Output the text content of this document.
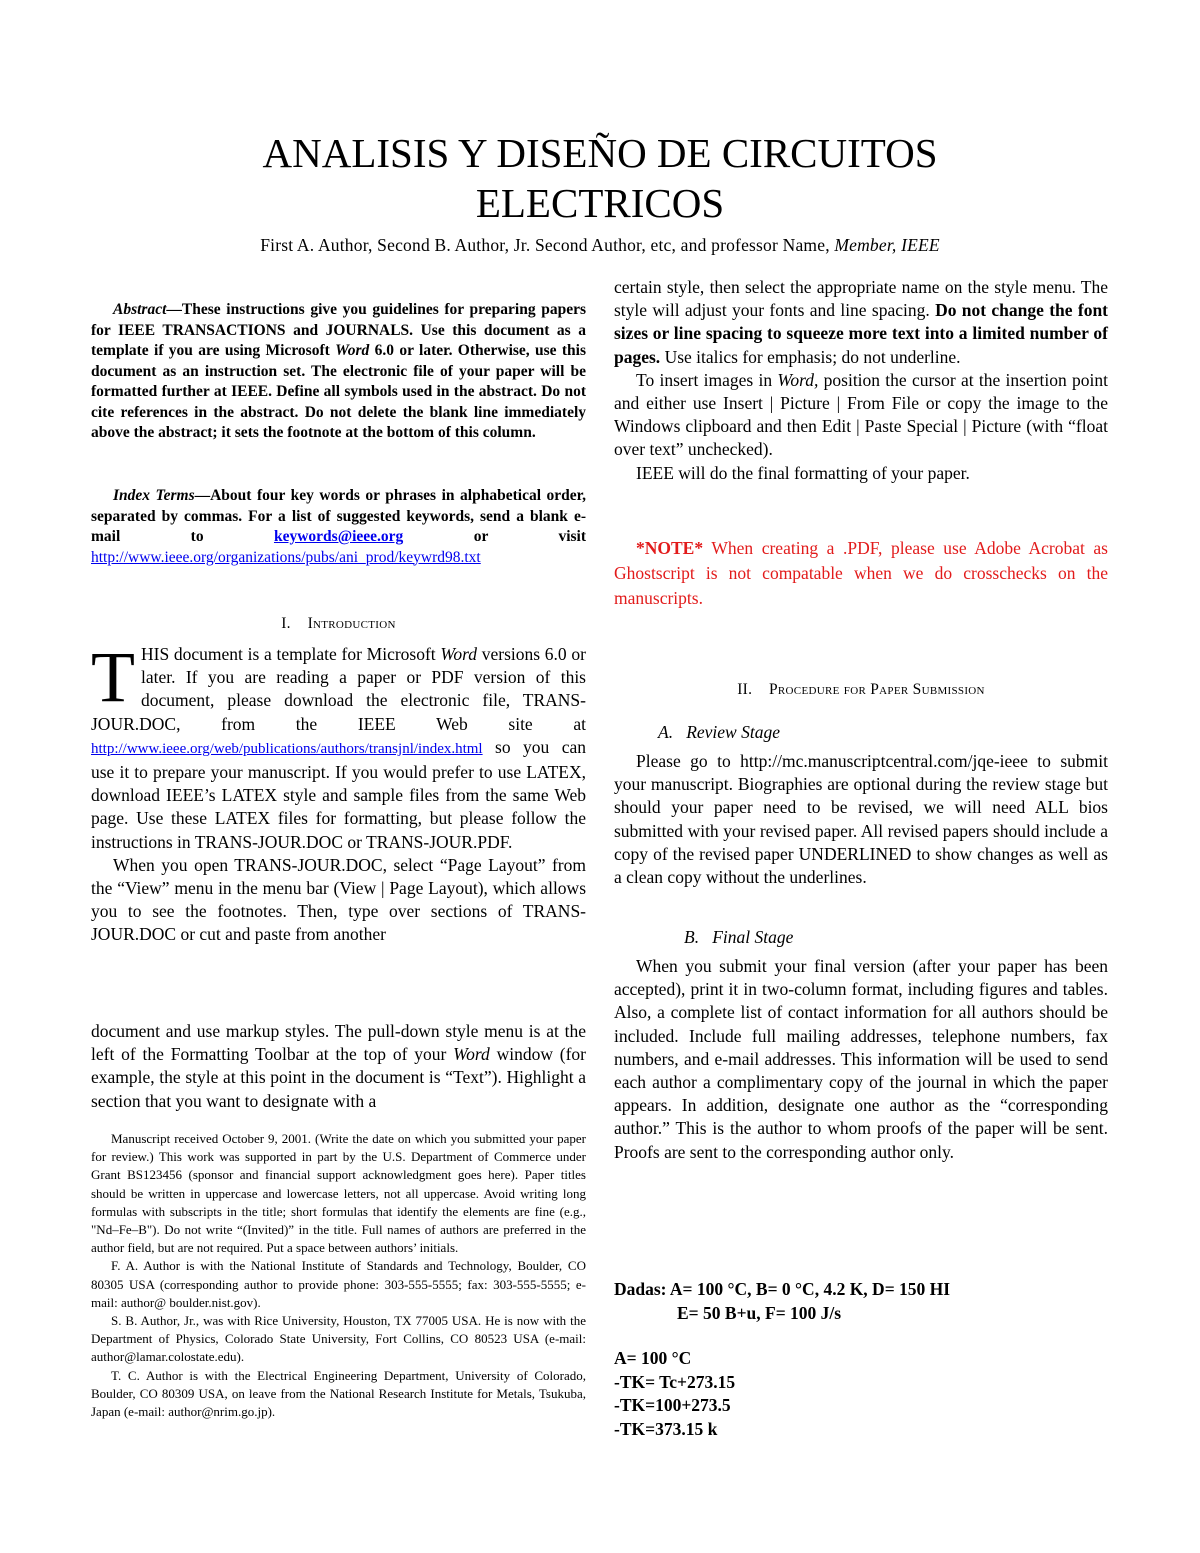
ANALISIS Y DISEÑO DE CIRCUITOS
ELECTRICOS
First A. Author, Second B. Author, Jr. Second Author, etc, and professor Name, Member, IEEE

Abstract—These instructions give you guidelines for preparing papers for IEEE TRANSACTIONS and JOURNALS. Use this document as a template if you are using Microsoft Word 6.0 or later. Otherwise, use this document as an instruction set. The electronic file of your paper will be formatted further at IEEE. Define all symbols used in the abstract. Do not cite references in the abstract. Do not delete the blank line immediately above the abstract; it sets the footnote at the bottom of this column.

Index Terms—About four key words or phrases in alphabetical order, separated by commas. For a list of suggested keywords, send a blank e-mail to keywords@ieee.org or visit http://www.ieee.org/organizations/pubs/ani_prod/keywrd98.txt

I. Introduction

THIS document is a template for Microsoft Word versions 6.0 or later. If you are reading a paper or PDF version of this document, please download the electronic file, TRANS-JOUR.DOC, from the IEEE Web site at http://www.ieee.org/web/publications/authors/transjnl/index.html so you can use it to prepare your manuscript. If you would prefer to use LATEX, download IEEE’s LATEX style and sample files from the same Web page. Use these LATEX files for formatting, but please follow the instructions in TRANS-JOUR.DOC or TRANS-JOUR.PDF.

When you open TRANS-JOUR.DOC, select “Page Layout” from the “View” menu in the menu bar (View | Page Layout), which allows you to see the footnotes. Then, type over sections of TRANS-JOUR.DOC or cut and paste from another

document and use markup styles. The pull-down style menu is at the left of the Formatting Toolbar at the top of your Word window (for example, the style at this point in the document is “Text”). Highlight a section that you want to designate with a

Manuscript received October 9, 2001. (Write the date on which you submitted your paper for review.) This work was supported in part by the U.S. Department of Commerce under Grant BS123456 (sponsor and financial support acknowledgment goes here). Paper titles should be written in uppercase and lowercase letters, not all uppercase. Avoid writing long formulas with subscripts in the title; short formulas that identify the elements are fine (e.g., "Nd–Fe–B"). Do not write “(Invited)” in the title. Full names of authors are preferred in the author field, but are not required. Put a space between authors’ initials.

F. A. Author is with the National Institute of Standards and Technology, Boulder, CO 80305 USA (corresponding author to provide phone: 303-555-5555; fax: 303-555-5555; e-mail: author@ boulder.nist.gov).

S. B. Author, Jr., was with Rice University, Houston, TX 77005 USA. He is now with the Department of Physics, Colorado State University, Fort Collins, CO 80523 USA (e-mail: author@lamar.colostate.edu).

T. C. Author is with the Electrical Engineering Department, University of Colorado, Boulder, CO 80309 USA, on leave from the National Research Institute for Metals, Tsukuba, Japan (e-mail: author@nrim.go.jp).

certain style, then select the appropriate name on the style menu. The style will adjust your fonts and line spacing. Do not change the font sizes or line spacing to squeeze more text into a limited number of pages. Use italics for emphasis; do not underline.

To insert images in Word, position the cursor at the insertion point and either use Insert | Picture | From File or copy the image to the Windows clipboard and then Edit | Paste Special | Picture (with “float over text” unchecked).

IEEE will do the final formatting of your paper.

*NOTE* When creating a .PDF, please use Adobe Acrobat as Ghostscript is not compatable when we do crosschecks on the manuscripts.
II. Procedure for Paper Submission
A. Review Stage

Please go to http://mc.manuscriptcentral.com/jqe-ieee to submit your manuscript. Biographies are optional during the review stage but should your paper need to be revised, we will need ALL bios submitted with your revised paper. All revised papers should include a copy of the revised paper UNDERLINED to show changes as well as a clean copy without the underlines.

B. Final Stage

When you submit your final version (after your paper has been accepted), print it in two-column format, including figures and tables. Also, a complete list of contact information for all authors should be included. Include full mailing addresses, telephone numbers, fax numbers, and e-mail addresses. This information will be used to send each author a complimentary copy of the journal in which the paper appears. In addition, designate one author as the “corresponding author.” This is the author to whom proofs of the paper will be sent. Proofs are sent to the corresponding author only.

Dadas: A= 100 °C, B= 0 °C, 4.2 K, D= 150 HI

E= 50 B+u, F= 100 J/s

A= 100 °C

-TK= Tc+273.15

-TK=100+273.5

-TK=373.15 k
